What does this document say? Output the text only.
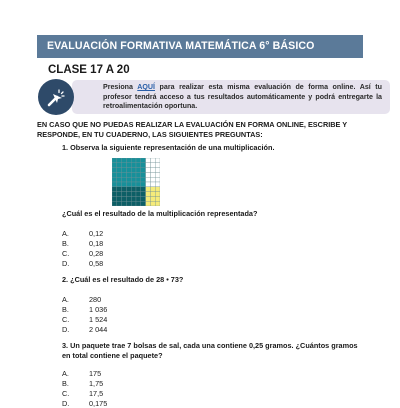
EVALUACIÓN FORMATIVA MATEMÁTICA 6° BÁSICO
CLASE 17 A 20
Presiona AQUÍ para realizar esta misma evaluación de forma online. Así tu profesor tendrá acceso a tus resultados automáticamente y podrá entregarte la retroalimentación oportuna.
EN CASO QUE NO PUEDAS REALIZAR LA EVALUACIÓN EN FORMA ONLINE, ESCRIBE Y RESPONDE, EN TU CUADERNO, LAS SIGUIENTES PREGUNTAS:
1. Observa la siguiente representación de una multiplicación.
¿Cuál es el resultado de la multiplicación representada?
A.	0,12
B.	0,18
C.	0,28
D.	0,58
2. ¿Cuál es el resultado de 28 • 73?
A.	280
B.	1 036
C.	1 524
D.	2 044
3. Un paquete trae 7 bolsas de sal, cada una contiene 0,25 gramos. ¿Cuántos gramos
en total contiene el paquete?
A.	175
B.	1,75
C.	17,5
D.	0,175
